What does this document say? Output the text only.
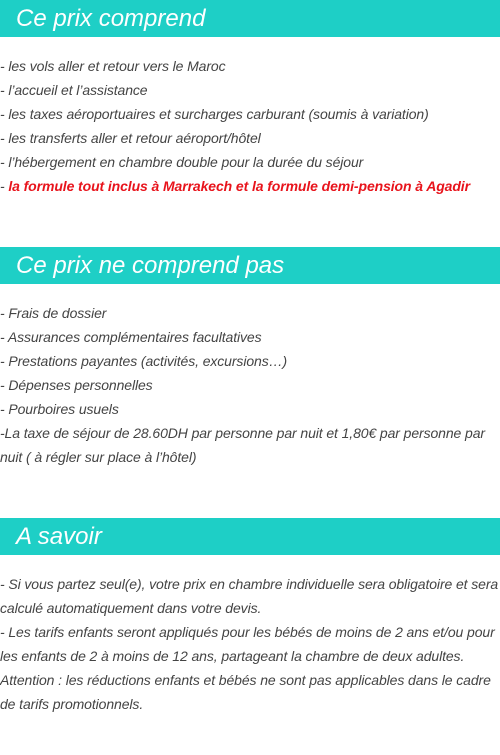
Ce prix comprend
- les vols aller et retour vers le Maroc
- l’accueil et l’assistance
- les taxes aéroportuaires et surcharges carburant (soumis à variation)
- les transferts aller et retour aéroport/hôtel
- l’hébergement en chambre double pour la durée du séjour
- la formule tout inclus à Marrakech et la formule demi-pension à Agadir
Ce prix ne comprend pas
- Frais de dossier
- Assurances complémentaires facultatives
- Prestations payantes (activités, excursions…)
- Dépenses personnelles
- Pourboires usuels
-La taxe de séjour de 28.60DH par personne par nuit et 1,80€ par personne par nuit ( à régler sur place à l’hôtel)
A savoir
- Si vous partez seul(e), votre prix en chambre individuelle sera obligatoire et sera calculé automatiquement dans votre devis.
- Les tarifs enfants seront appliqués pour les bébés de moins de 2 ans et/ou pour les enfants de 2 à moins de 12 ans, partageant la chambre de deux adultes. Attention : les réductions enfants et bébés ne sont pas applicables dans le cadre de tarifs promotionnels.
